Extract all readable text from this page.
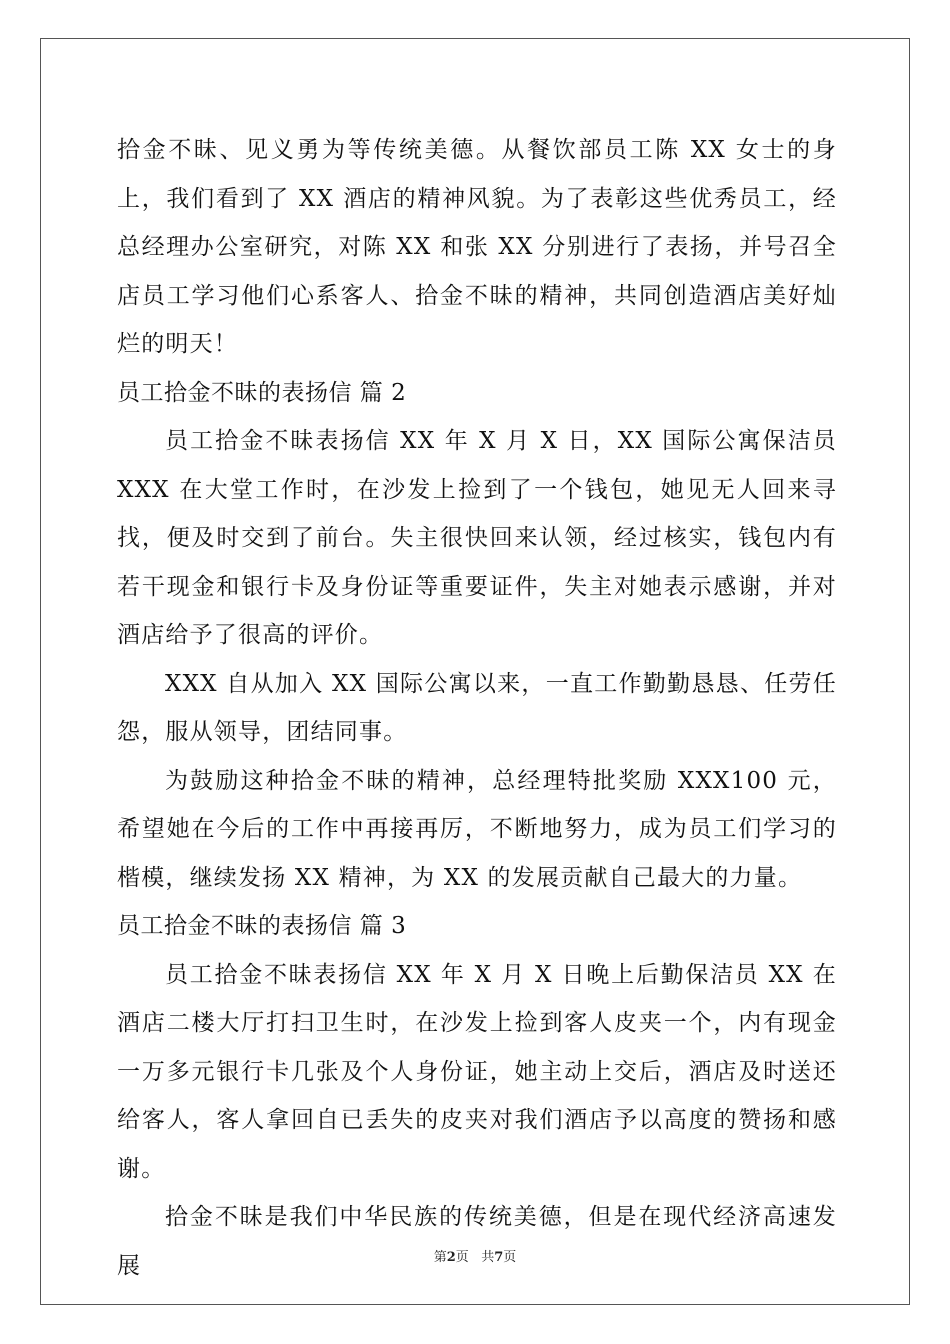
拾金不昧、见义勇为等传统美德。从餐饮部员工陈 XX 女士的身上，我们看到了 XX 酒店的精神风貌。为了表彰这些优秀员工，经总经理办公室研究，对陈 XX 和张 XX 分别进行了表扬，并号召全店员工学习他们心系客人、拾金不昧的精神，共同创造酒店美好灿烂的明天！

员工拾金不昧的表扬信 篇 2

员工拾金不昧表扬信 XX 年 X 月 X 日，XX 国际公寓保洁员 XXX 在大堂工作时，在沙发上捡到了一个钱包，她见无人回来寻找，便及时交到了前台。失主很快回来认领，经过核实，钱包内有若干现金和银行卡及身份证等重要证件，失主对她表示感谢，并对酒店给予了很高的评价。

XXX 自从加入 XX 国际公寓以来，一直工作勤勤恳恳、任劳任怨，服从领导，团结同事。

为鼓励这种拾金不昧的精神，总经理特批奖励 XXX100 元，希望她在今后的工作中再接再厉，不断地努力，成为员工们学习的楷模，继续发扬 XX 精神，为 XX 的发展贡献自己最大的力量。

员工拾金不昧的表扬信 篇 3

员工拾金不昧表扬信 XX 年 X 月 X 日晚上后勤保洁员 XX 在酒店二楼大厅打扫卫生时，在沙发上捡到客人皮夹一个，内有现金一万多元银行卡几张及个人身份证，她主动上交后，酒店及时送还给客人，客人拿回自已丢失的皮夹对我们酒店予以高度的赞扬和感谢。

拾金不昧是我们中华民族的传统美德，但是在现代经济高速发展	第2页 共7页
